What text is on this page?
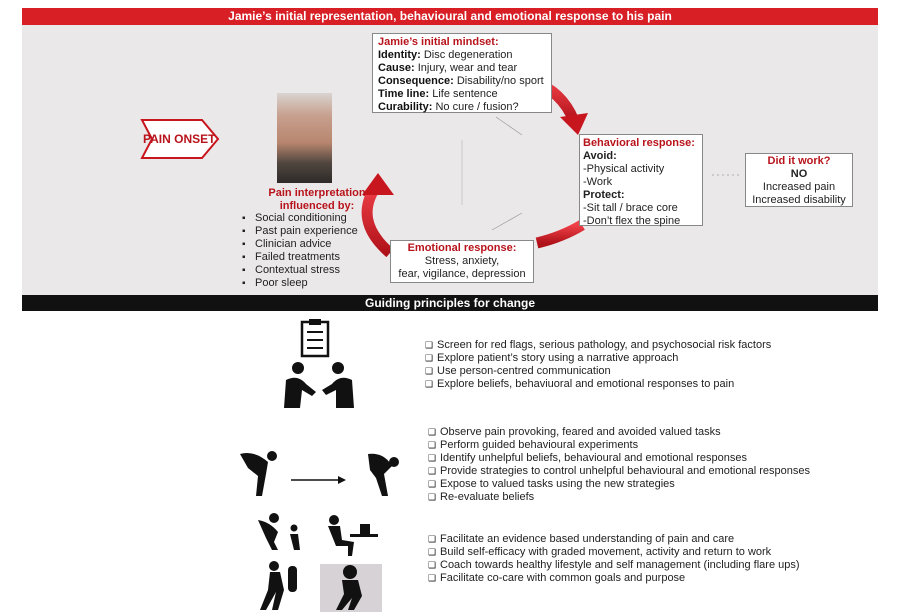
Jamie’s initial representation, behavioural and emotional response to his pain
PAIN ONSET
Jamie’s initial mindset:
Identity: Disc degeneration
Cause: Injury, wear and tear
Consequence: Disability/no sport
Time line: Life sentence
Curability: No cure / fusion?
Behavioral response:
Avoid:
-Physical activity
-Work
Protect:
-Sit tall / brace core
-Don’t flex the spine
Emotional response:
Stress, anxiety,
fear, vigilance, depression
Did it work?
NO
Increased pain
Increased disability
Pain interpretation
influenced by:
▪ Social conditioning
▪ Past pain experience
▪ Clinician advice
▪ Failed treatments
▪ Contextual stress
▪ Poor sleep
Guiding principles for change
❑ Screen for red flags, serious pathology, and psychosocial risk factors
❑ Explore patient’s story using a narrative approach
❑ Use person-centred communication
❑ Explore beliefs, behaviuoral and emotional responses to pain
❑ Observe pain provoking, feared and avoided valued tasks
❑ Perform guided behavioural experiments
❑ Identify unhelpful beliefs, behavioural and emotional responses
❑ Provide strategies to control unhelpful behavioural and emotional responses
❑ Expose to valued tasks using the new strategies
❑ Re-evaluate beliefs
❑ Facilitate an evidence based understanding of pain and care
❑ Build self-efficacy with graded movement, activity and return to work
❑ Coach towards healthy lifestyle and self management (including flare ups)
❑ Facilitate co-care with common goals and purpose
